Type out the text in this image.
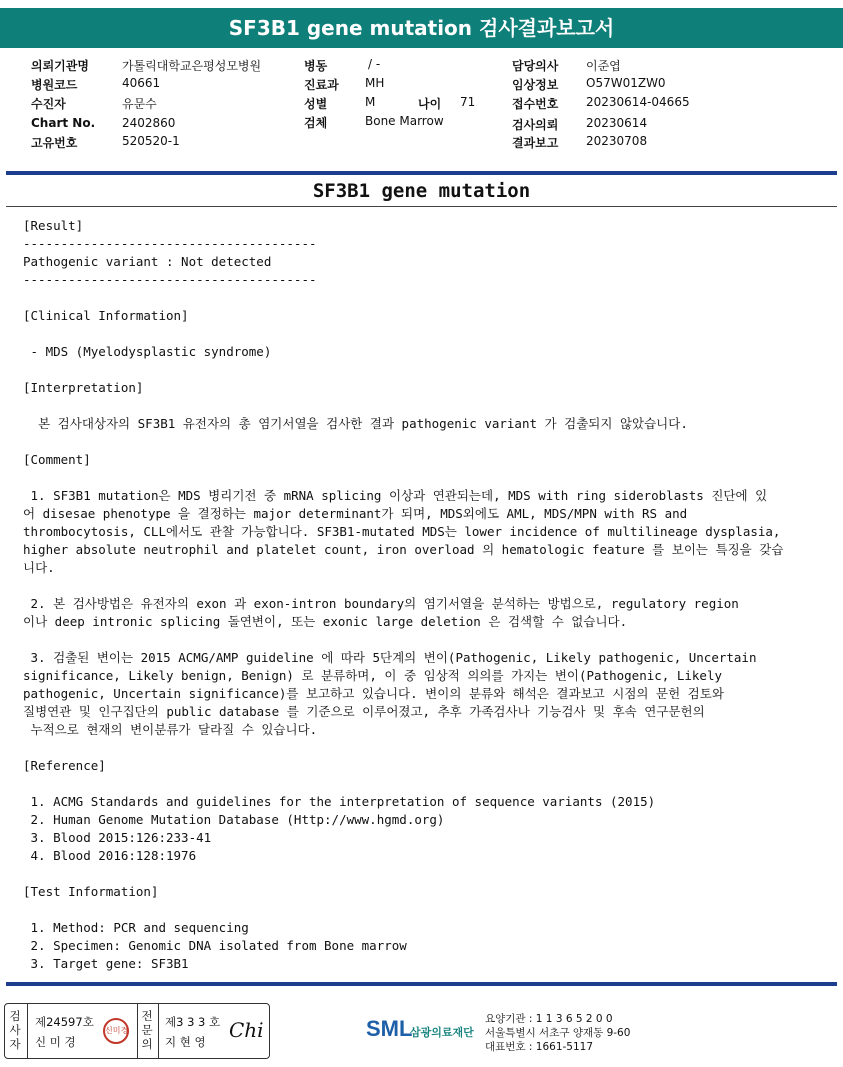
SF3B1 gene mutation 검사결과보고서
의뢰기관명	가톨릭대학교은평성모병원
병원코드	40661
수진자	유문수
Chart No. 2402860
고유번호	520520-1
병동	/ -
진료과 MH
성별	M	나이 71
검체	Bone Marrow
담당의사 이준엽
임상정보 O57W01ZW0
접수번호 20230614-04665
검사의뢰 20230614
결과보고 20230708
SF3B1 gene mutation
[Result]
---------------------------------------
Pathogenic variant : Not detected
---------------------------------------

[Clinical Information]

- MDS (Myelodysplastic syndrome)

[Interpretation]

본 검사대상자의 SF3B1 유전자의 총 염기서열을 검사한 결과 pathogenic variant 가 검출되지 않았습니다.

[Comment]

1. SF3B1 mutation은 MDS 병리기전 중 mRNA splicing 이상과 연관되는데, MDS with ring sideroblasts 진단에 있
어 disesae phenotype 을 결정하는 major determinant가 되며, MDS외에도 AML, MDS/MPN with RS and
thrombocytosis, CLL에서도 관찰 가능합니다. SF3B1-mutated MDS는 lower incidence of multilineage dysplasia,
higher absolute neutrophil and platelet count, iron overload 의 hematologic feature 를 보이는 특징을 갖습
니다.

2. 본 검사방법은 유전자의 exon 과 exon-intron boundary의 염기서열을 분석하는 방법으로, regulatory region
이나 deep intronic splicing 돌연변이, 또는 exonic large deletion 은 검색할 수 없습니다.

3. 검출된 변이는 2015 ACMG/AMP guideline 에 따라 5단계의 변이(Pathogenic, Likely pathogenic, Uncertain
significance, Likely benign, Benign) 로 분류하며, 이 중 임상적 의의를 가지는 변이(Pathogenic, Likely
pathogenic, Uncertain significance)를 보고하고 있습니다. 변이의 분류와 해석은 결과보고 시점의 문헌 검토와
질병연관 및 인구집단의 public database 를 기준으로 이루어졌고, 추후 가족검사나 기능검사 및 후속 연구문헌의
누적으로 현재의 변이분류가 달라질 수 있습니다.

[Reference]

1. ACMG Standards and guidelines for the interpretation of sequence variants (2015)
2. Human Genome Mutation Database (Http://www.hgmd.org)
3. Blood 2015:126:233-41
4. Blood 2016:128:1976

[Test Information]

1. Method: PCR and sequencing
2. Specimen: Genomic DNA isolated from Bone marrow
3. Target gene: SF3B1
검사자
제24597호
신 미 경
신미경
전문의
제3 3 3 호
지 현 영 Chi	SML
삼광의료재단
요양기관 : 1 1 3 6 5 2 0 0
서울특별시 서초구 양재동 9-60
대표번호 : 1661-5117
